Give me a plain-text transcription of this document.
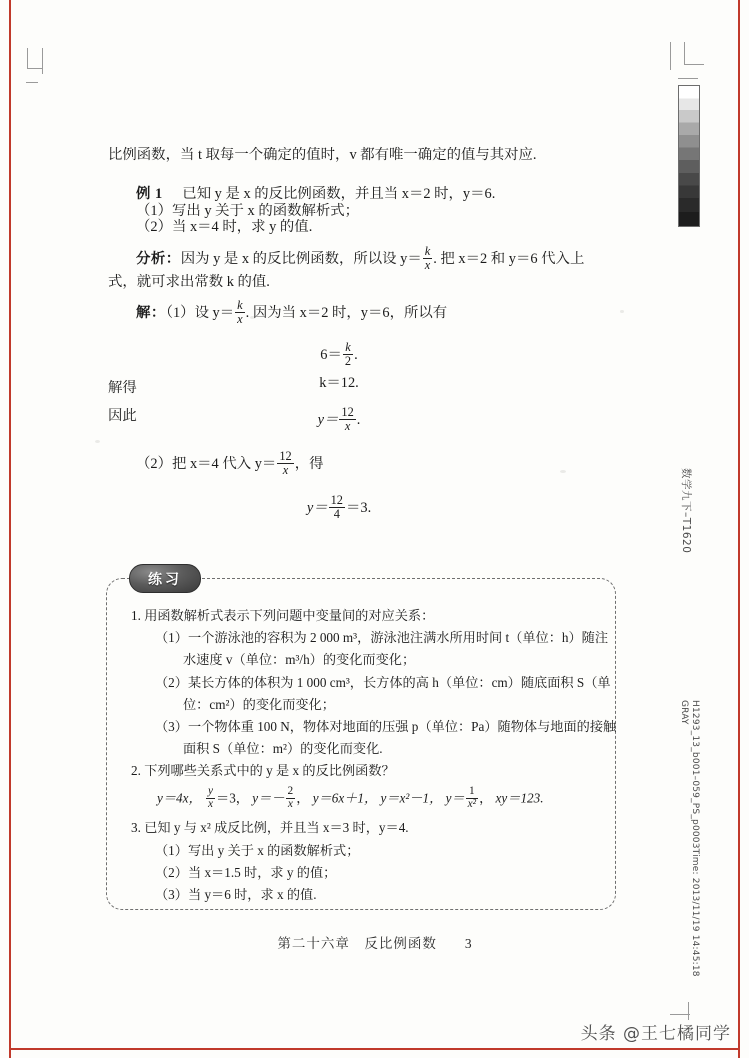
比例函数，当 t 取每一个确定的值时，v 都有唯一确定的值与其对应.

例 1 已知 y 是 x 的反比例函数，并且当 x＝2 时，y＝6.

（1）写出 y 关于 x 的函数解析式；

（2）当 x＝4 时，求 y 的值.

分析：因为 y 是 x 的反比例函数，所以设 $y= \frac{k}{x}$ . 把 x＝2 和 y＝6 代入上

式，就可求出常数 k 的值.

解：（1）设 $y= \frac{k}{x}$ . 因为当 x＝2 时，y＝6，所以有

$6= \frac{k}{2}$ .
解得	k＝12.
因此	$y= \frac{12}{x}$ .

（2）把 x＝4 代入 $y= \frac{12}{x}$ ，得

$y= \frac{12}{4} =3$.
练习
1. 用函数解析式表示下列问题中变量间的对应关系：
（1）一个游泳池的容积为 2 000 m³，游泳池注满水所用时间 t（单位：h）随注
水速度 v（单位：m³/h）的变化而变化；
（2）某长方体的体积为 1 000 cm³，长方体的高 h（单位：cm）随底面积 S（单
位：cm²）的变化而变化；
（3）一个物体重 100 N，物体对地面的压强 p（单位：Pa）随物体与地面的接触
面积 S（单位：m²）的变化而变化.
2. 下列哪些关系式中的 y 是 x 的反比例函数？
y＝4x， $\frac{y}{x} =3$， $y=- \frac{2}{x}$ ， y＝6x＋1， y＝x²－1， $y= \frac{1}{\text{x²}}$ ， xy＝123.
3. 已知 y 与 x² 成反比例，并且当 x＝3 时，y＝4.
（1）写出 y 关于 x 的函数解析式；
（2）当 x＝1.5 时，求 y 的值；
（3）当 y＝6 时，求 x 的值.
第二十六章　反比例函数 3
数学九下–T1620
H1293_13_b001–059_PS_p0003Time: 2013/11/19 14:45:18
GRAY
头条 @王七橘同学
